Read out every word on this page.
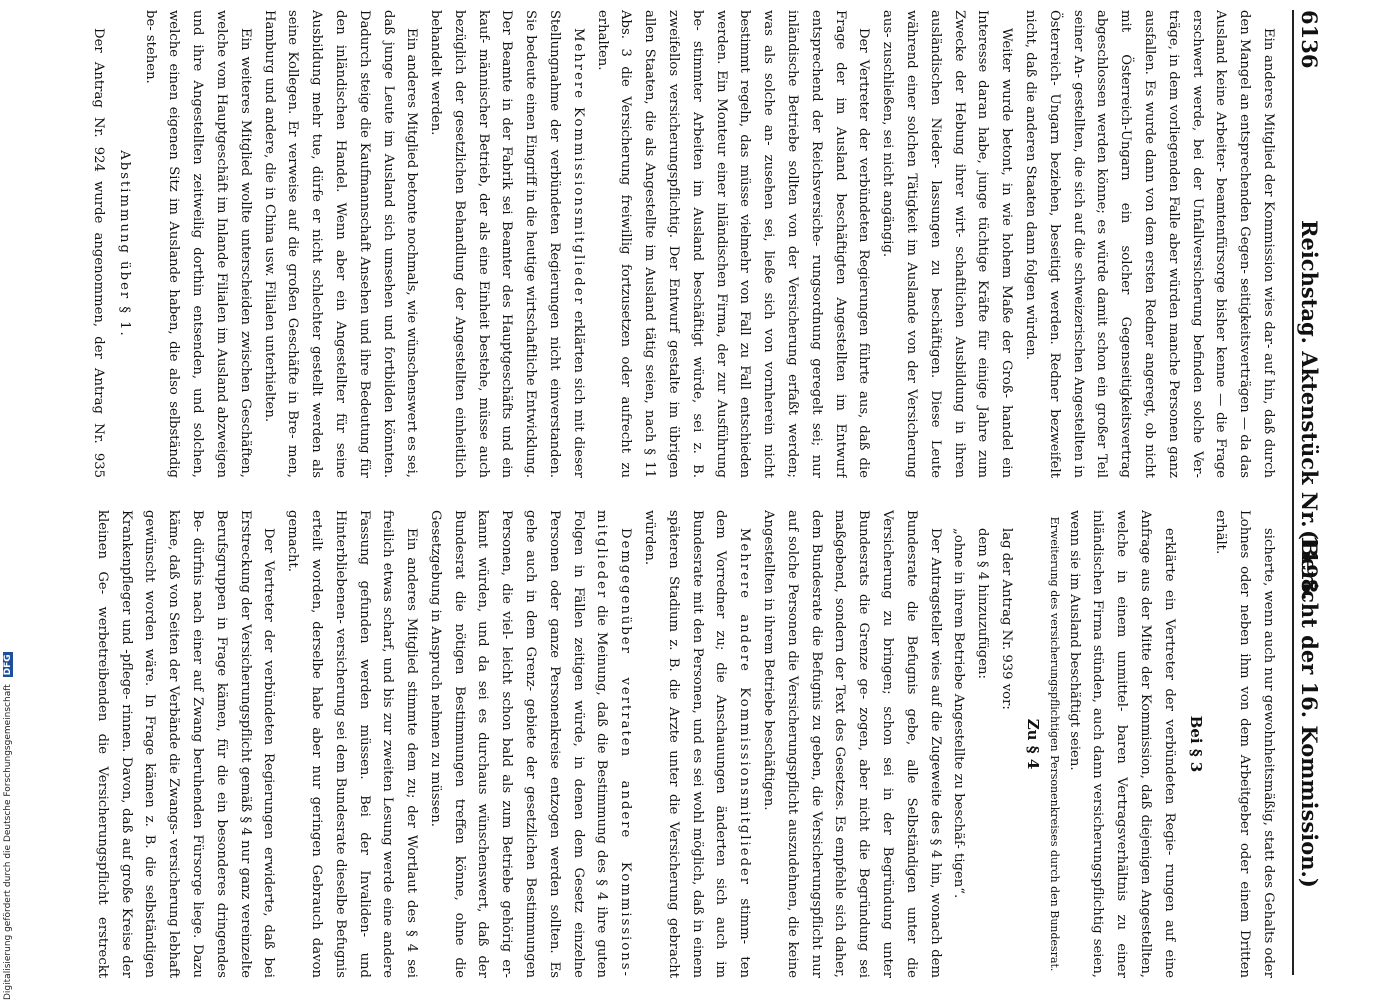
6136
Reichstag. Aktenstück Nr. 1198.
(Bericht der 16. Kommission.)

Ein anderes Mitglied der Kommission wies dar- auf hin, daß durch den Mangel an entsprechenden Gegen- seitigkeitsverträgen — da das Ausland keine Arbeiter- beamtenfürsorge bisher kenne — die Frage erschwert werde, bei der Unfallversicherung befinden solche Ver- träge, in dem vorliegenden Falle aber würden manche Personen ganz ausfallen. Es wurde dann von dem ersten Redner angeregt, ob nicht mit Österreich-Ungarn ein solcher Gegenseitigkeitsvertrag abgeschlossen werden könne; es würde damit schon ein großer Teil seiner An- gestellten, die sich auf die schweizerischen Angestellten in Österreich- Ungarn beziehen, beseitigt werden. Redner bezweifelt nicht, daß die anderen Staaten dann folgen würden.

Weiter wurde betont, in wie hohem Maße der Groß- handel ein Interesse daran habe, junge tüchtige Kräfte für einige Jahre zum Zwecke der Hebung ihrer wirt- schaftlichen Ausbildung in ihren ausländischen Nieder- lassungen zu beschäftigen. Diese Leute während einer solchen Tätigkeit im Auslande von der Versicherung aus- zuschließen, sei nicht angängig.

Der Vertreter der verbündeten Regierungen führte aus, daß die Frage der im Ausland beschäftigten Angestellten im Entwurf entsprechend der Reichsversiche- rungsordnung geregelt sei; nur inländische Betriebe sollten von der Versicherung erfaßt werden; was als solche an- zusehen sei, ließe sich von vornherein nicht bestimmt regeln, das müsse vielmehr von Fall zu Fall entschieden werden. Ein Monteur einer inländischen Firma, der zur Ausführung be- stimmter Arbeiten im Ausland beschäftigt würde, sei z. B. zweifellos versicherungspflichtig. Der Entwurf gestalte im übrigen allen Staaten, die als Angestellte im Ausland tätig seien, nach § 11 Abs. 3 die Versicherung freiwillig fortzusetzen oder aufrecht zu erhalten.

Mehrere Kommissionsmitglieder erklärten sich mit dieser Stellungnahme der verbündeten Regierungen nicht einverstanden. Sie bedeute einen Eingriff in die heutige wirtschaftliche Entwicklung. Der Beamte in der Fabrik sei Beamter des Hauptgeschäfts und ein kauf- männischer Betrieb, der als eine Einheit bestehe, müsse auch bezüglich der gesetzlichen Behandlung der Angestellten einheitlich behandelt werden.

Ein anderes Mitglied betonte nochmals, wie wünschenswert es sei, daß junge Leute im Ausland sich umsehen und fortbilden könnten. Dadurch steige die Kaufmannschaft Ansehen und ihre Bedeutung für den inländischen Handel. Wenn aber ein Angestellter für seine Ausbildung mehr tue, dürfe er nicht schlechter gestellt werden als seine Kollegen. Er verweise auf die großen Geschäfte in Bre- men, Hamburg und andere, die in China usw. Filialen unterhielten.

Ein weiteres Mitglied wollte unterscheiden zwischen Geschäften, welche vom Hauptgeschäft im Inlande Filialen im Ausland abzweigen und ihre Angestellten zeitweilig dorthin entsenden, und solchen, welche einen eigenen Sitz im Auslande haben, die also selbständig be- stehen.

Abstimmung über § 1.

Der Antrag Nr. 924 wurde angenommen, der Antrag Nr. 935

sicherte, wenn auch nur gewohnheitsmäßig, statt des Gehalts oder Lohnes oder neben ihm von dem Arbeitgeber oder einem Dritten erhält.

Bei § 3

erklärte ein Vertreter der verbündeten Regie- rungen auf eine Anfrage aus der Mitte der Kommission, daß diejenigen Angestellten, welche in einem unmittel- baren Vertragsverhältnis zu einer inländischen Firma stünden, auch dann versicherungspflichtig seien, wenn sie im Ausland beschäftigt seien.

Erweiterung des versicherungspflichtigen Personenkreises durch den Bundesrat.

Zu § 4

lag der Antrag Nr. 939 vor:

dem § 4 hinzuzufügen:

„ohne in ihrem Betriebe Angestellte zu beschäf- tigen“.

Der Antragsteller wies auf die Zugeweite des § 4 hin, wonach dem Bundesrate die Befugnis gebe, alle Selbständigen unter die Versicherung zu bringen; schon sei in der Begründung unter Bundesrats die Grenze ge- zogen, aber nicht die Begründung sei maßgebend, sondern der Text des Gesetzes. Es empfehle sich daher, dem Bundesrate die Befugnis zu geben, die Versicherungspflicht nur auf solche Personen die Versicherungspflicht auszudehnen, die keine Angestellten in ihrem Betriebe beschäftigen.

Mehrere andere Kommissionsmitglieder stimm- ten dem Vorredner zu; die Anschauungen änderten sich auch im Bundesrate mit den Personen, und es sei wohl möglich, daß in einem späteren Stadium z. B. die Arzte unter die Versicherung gebracht würden.

Demgegenüber vertraten andere Kommissions- mitglieder die Meinung, daß die Bestimmung des § 4 ihre guten Folgen in Fällen zeitigen würde, in denen dem Gesetz einzelne Personen oder ganze Personenkreise entzogen werden sollten. Es gehe auch in dem Grenz- gebiete der gesetzlichen Bestimmungen Personen, die viel- leicht schon bald als zum Betriebe gehörig er- kannt würden, und da sei es durchaus wünschenswert, daß der Bundesrat die nötigen Bestimmungen treffen könne, ohne die Gesetzgebung in Anspruch nehmen zu müssen.

Ein anderes Mitglied stimmte dem zu; der Wortlaut des § 4 sei freilich etwas scharf, und bis zur zweiten Lesung werde eine andere Fassung gefunden werden müssen. Bei der Invaliden- und Hinterbliebenen- versicherung sei dem Bundesrate dieselbe Befugnis erteilt worden, derselbe habe aber nur geringen Gebrauch davon gemacht.

Der Vertreter der verbündeten Regierungen erwiderte, daß bei Erstreckung der Versicherungspflicht gemäß § 4 nur ganz vereinzelte Berufsgruppen in Frage kämen, für die ein besonderes dringendes Be- dürfnis nach einer auf Zwang beruhenden Fürsorge liege. Dazu käme, daß von Seiten der Verbände die Zwangs- versicherung lebhaft gewünscht worden wäre. In Frage kämen z. B. die selbständigen Krankenpfleger und -pflege- rinnen. Davon, daß auf große Kreise der kleinen Ge- werbetreibenden die Versicherungspflicht erstreckt

Digitalisierung gefördert durch die Deutsche Forschungsgemeinschaft DFG
